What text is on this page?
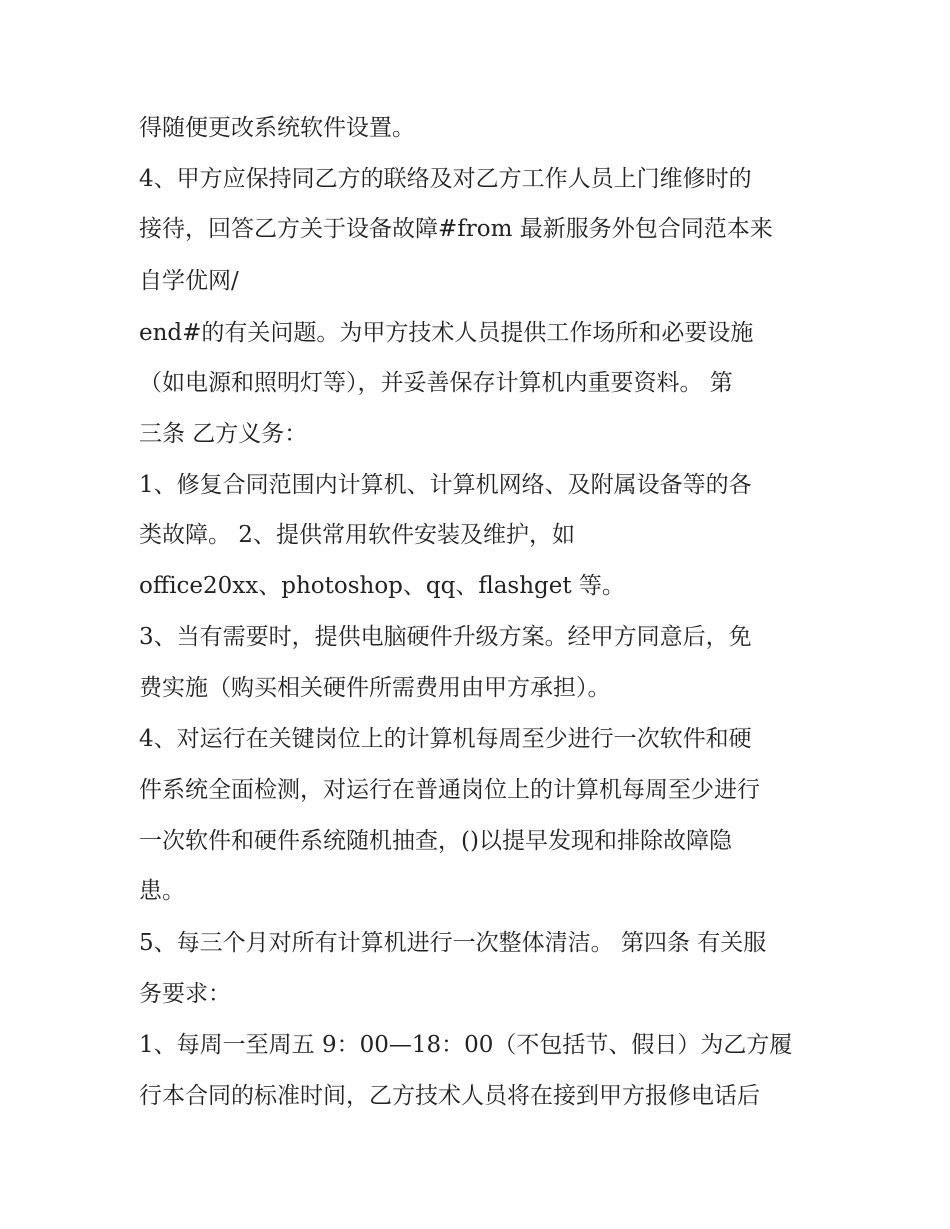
得随便更改系统软件设置。
4、甲方应保持同乙方的联络及对乙方工作人员上门维修时的
接待，回答乙方关于设备故障#from 最新服务外包合同范本来
自学优网/
end#的有关问题。为甲方技术人员提供工作场所和必要设施
（如电源和照明灯等），并妥善保存计算机内重要资料。 第
三条 乙方义务：
1、修复合同范围内计算机、计算机网络、及附属设备等的各
类故障。 2、提供常用软件安装及维护，如
office20xx、photoshop、qq、flashget 等。
3、当有需要时，提供电脑硬件升级方案。经甲方同意后，免
费实施（购买相关硬件所需费用由甲方承担）。
4、对运行在关键岗位上的计算机每周至少进行一次软件和硬
件系统全面检测，对运行在普通岗位上的计算机每周至少进行
一次软件和硬件系统随机抽查，()以提早发现和排除故障隐
患。
5、每三个月对所有计算机进行一次整体清洁。 第四条 有关服
务要求：
1、每周一至周五 9：00—18：00（不包括节、假日）为乙方履
行本合同的标准时间，乙方技术人员将在接到甲方报修电话后
